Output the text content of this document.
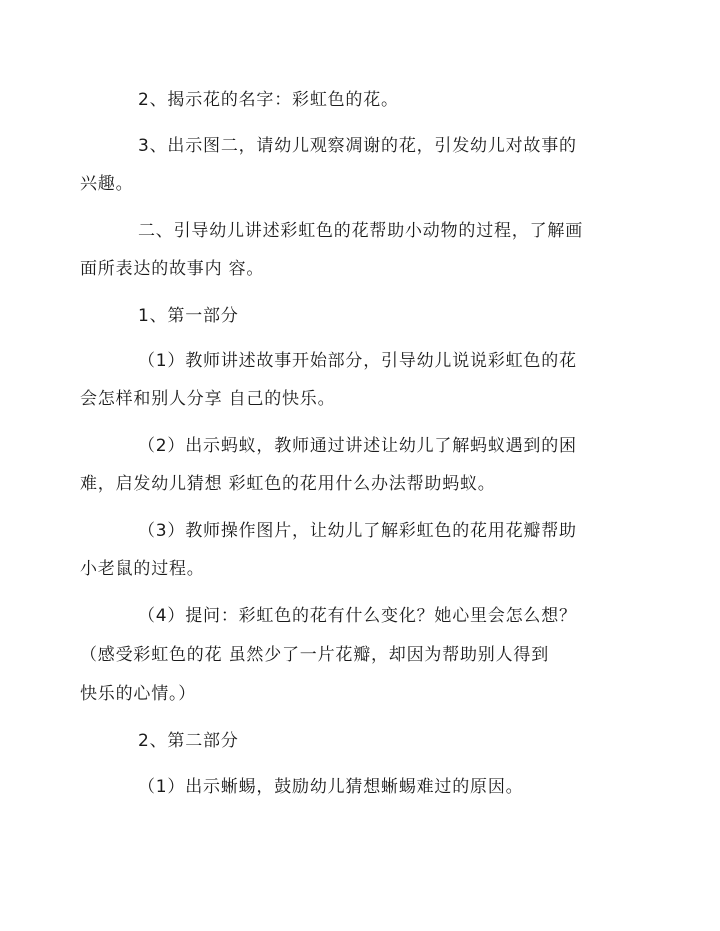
2、揭示花的名字：彩虹色的花。
3、出示图二，请幼儿观察凋谢的花，引发幼儿对故事的
兴趣。
二、引导幼儿讲述彩虹色的花帮助小动物的过程，了解画
面所表达的故事内 容。
1、第一部分
（1）教师讲述故事开始部分，引导幼儿说说彩虹色的花
会怎样和别人分享 自己的快乐。
（2）出示蚂蚁，教师通过讲述让幼儿了解蚂蚁遇到的困
难，启发幼儿猜想 彩虹色的花用什么办法帮助蚂蚁。
（3）教师操作图片，让幼儿了解彩虹色的花用花瓣帮助
小老鼠的过程。
（4）提问：彩虹色的花有什么变化？她心里会怎么想？
（感受彩虹色的花 虽然少了一片花瓣，却因为帮助别人得到
快乐的心情。）
2、第二部分
（1）出示蜥蜴，鼓励幼儿猜想蜥蜴难过的原因。
